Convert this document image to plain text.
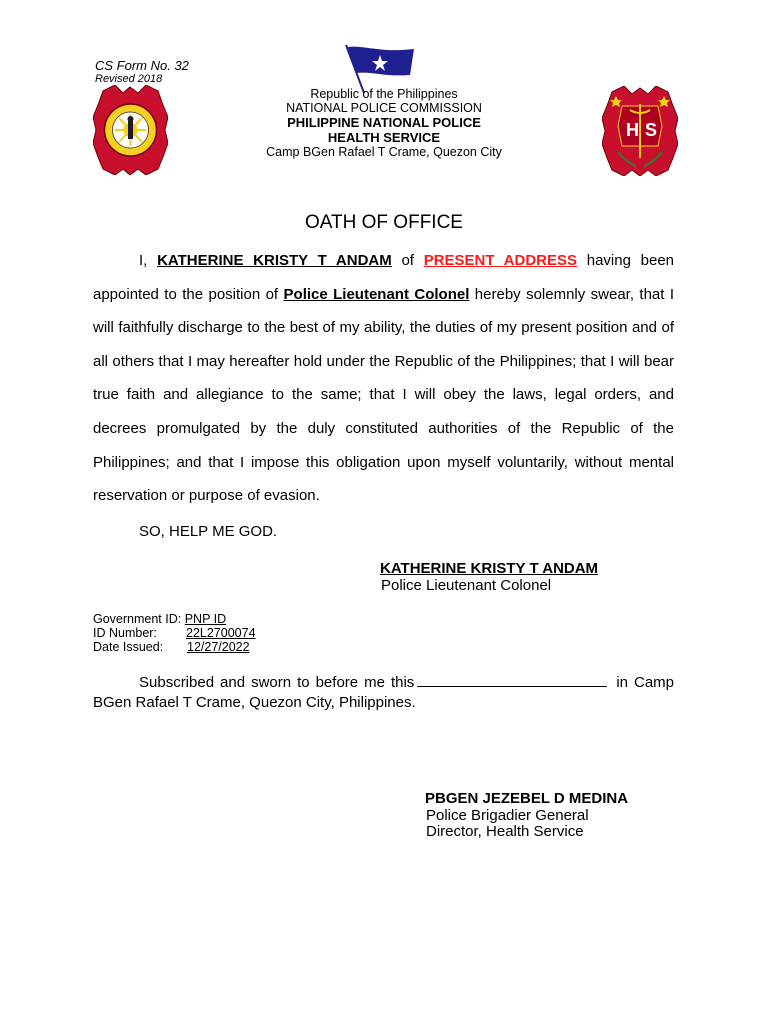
CS Form No. 32
Revised 2018
Republic of the Philippines
NATIONAL POLICE COMMISSION
PHILIPPINE NATIONAL POLICE
HEALTH SERVICE
Camp BGen Rafael T Crame, Quezon City
H S
OATH OF OFFICE
I, KATHERINE KRISTY T ANDAM of PRESENT ADDRESS having been appointed to the position of Police Lieutenant Colonel hereby solemnly swear, that I will faithfully discharge to the best of my ability, the duties of my present position and of all others that I may hereafter hold under the Republic of the Philippines; that I will bear true faith and allegiance to the same; that I will obey the laws, legal orders, and decrees promulgated by the duly constituted authorities of the Republic of the Philippines; and that I impose this obligation upon myself voluntarily, without mental reservation or purpose of evasion.
SO, HELP ME GOD.
KATHERINE KRISTY T ANDAM
Police Lieutenant Colonel
Government ID: PNP ID
ID Number: 22L2700074
Date Issued: 12/27/2022
Subscribed and sworn to before me this	in Camp BGen Rafael T Crame, Quezon City, Philippines.
PBGEN JEZEBEL D MEDINA
Police Brigadier General
Director, Health Service
